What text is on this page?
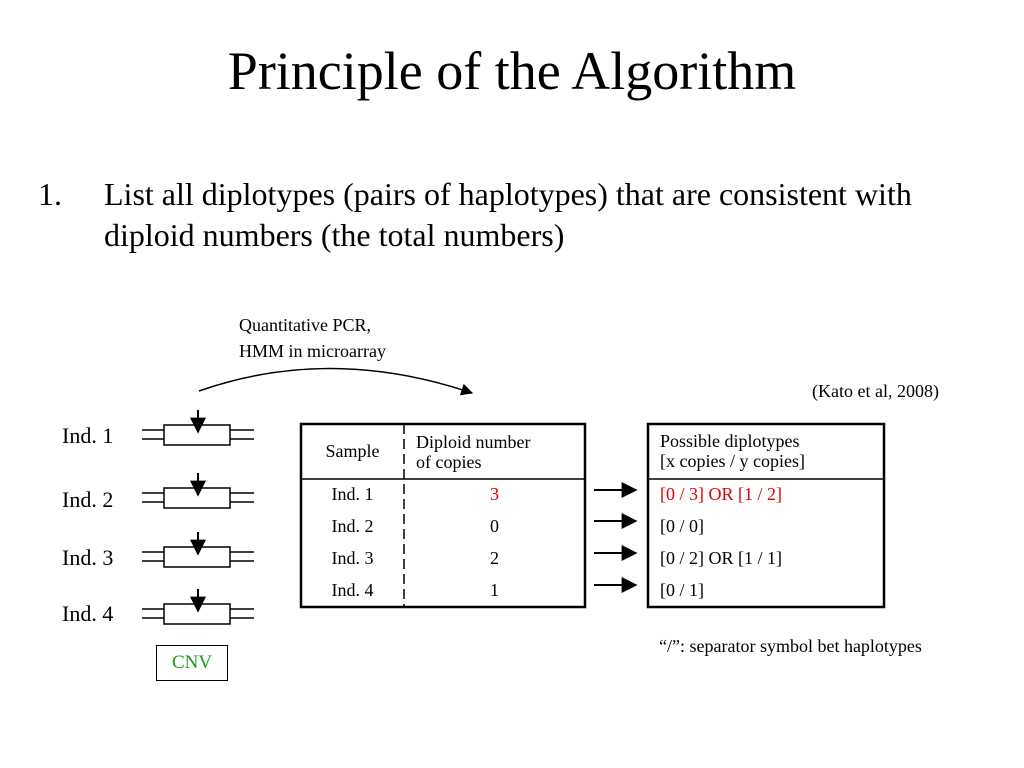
Principle of the Algorithm
1. List all diplotypes (pairs of haplotypes) that are consistent with diploid numbers (the total numbers)
Quantitative PCR,
HMM in microarray
(Kato et al, 2008)
Ind. 1
Ind. 2
Ind. 3
Ind. 4
CNV
Sample	Diploid number
of copies
Ind. 1	3
Ind. 2	0
Ind. 3	2
Ind. 4	1
Possible diplotypes
[x copies / y copies]
[0 / 3] OR [1 / 2]
[0 / 0]
[0 / 2] OR [1 / 1]
[0 / 1]
“/”: separator symbol bet haplotypes
